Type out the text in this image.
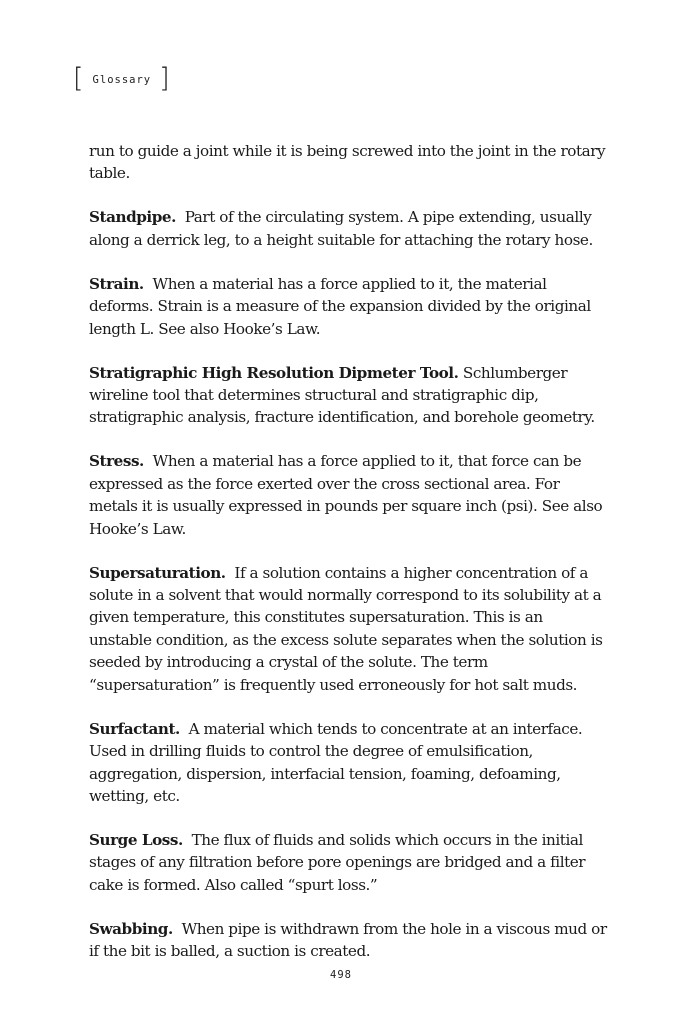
[ Glossary ]

run to guide a joint while it is being screwed into the joint in the rotary table.

Standpipe. Part of the circulating system. A pipe extending, usually along a derrick leg, to a height suitable for attaching the rotary hose.

Strain. When a material has a force applied to it, the material deforms. Strain is a measure of the expansion divided by the original length L. See also Hooke’s Law.

Stratigraphic High Resolution Dipmeter Tool. Schlumberger wireline tool that determines structural and stratigraphic dip, stratigraphic analysis, fracture identification, and borehole geometry.

Stress. When a material has a force applied to it, that force can be expressed as the force exerted over the cross sectional area. For metals it is usually expressed in pounds per square inch (psi). See also Hooke’s Law.

Supersaturation. If a solution contains a higher concentration of a solute in a solvent that would normally correspond to its solubility at a given temperature, this constitutes supersaturation. This is an unstable condition, as the excess solute separates when the solution is seeded by introducing a crystal of the solute. The term “supersaturation” is frequently used erroneously for hot salt muds.

Surfactant. A material which tends to concentrate at an interface. Used in drilling fluids to control the degree of emulsification, aggregation, dispersion, interfacial tension, foaming, defoaming, wetting, etc.

Surge Loss. The flux of fluids and solids which occurs in the initial stages of any filtration before pore openings are bridged and a filter cake is formed. Also called “spurt loss.”

Swabbing. When pipe is withdrawn from the hole in a viscous mud or if the bit is balled, a suction is created.

498
